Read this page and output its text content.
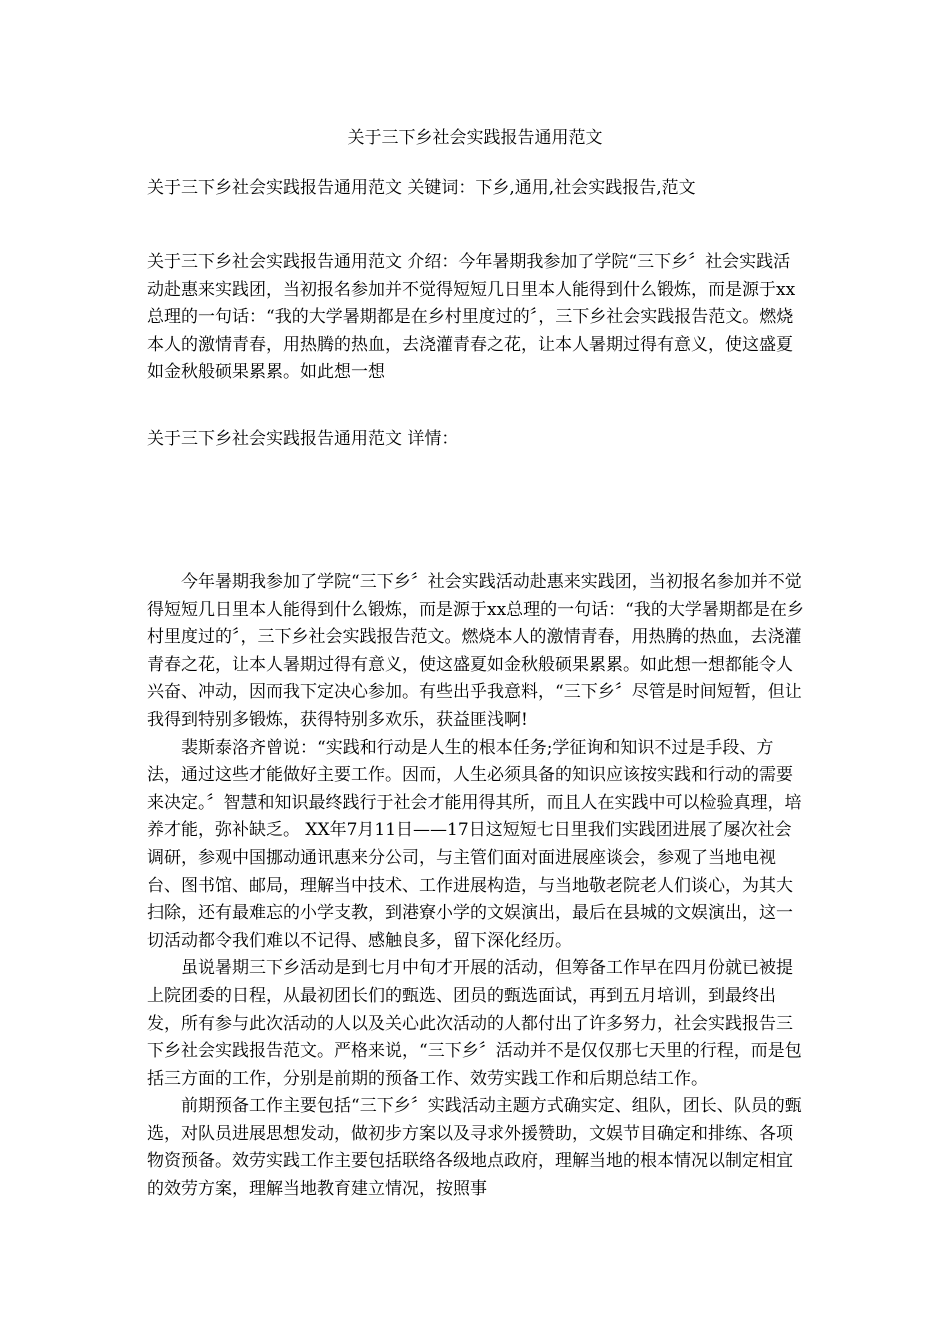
关于三下乡社会实践报告通用范文

关于三下乡社会实践报告通用范文 关键词：下乡,通用,社会实践报告,范文

关于三下乡社会实践报告通用范文 介绍：今年暑期我参加了学院“三下乡〞社会实践活动赴惠来实践团，当初报名参加并不觉得短短几日里本人能得到什么锻炼，而是源于xx总理的一句话：“我的大学暑期都是在乡村里度过的〞，三下乡社会实践报告范文。燃烧本人的激情青春，用热腾的热血，去浇灌青春之花，让本人暑期过得有意义，使这盛夏如金秋般硕果累累。如此想一想

关于三下乡社会实践报告通用范文 详情：

今年暑期我参加了学院“三下乡〞社会实践活动赴惠来实践团，当初报名参加并不觉得短短几日里本人能得到什么锻炼，而是源于xx总理的一句话：“我的大学暑期都是在乡村里度过的〞，三下乡社会实践报告范文。燃烧本人的激情青春，用热腾的热血，去浇灌青春之花，让本人暑期过得有意义，使这盛夏如金秋般硕果累累。如此想一想都能令人兴奋、冲动，因而我下定决心参加。有些出乎我意料，“三下乡〞尽管是时间短暂，但让我得到特别多锻炼，获得特别多欢乐，获益匪浅啊!

裴斯泰洛齐曾说：“实践和行动是人生的根本任务;学征询和知识不过是手段、方法，通过这些才能做好主要工作。因而，人生必须具备的知识应该按实践和行动的需要来决定。〞智慧和知识最终践行于社会才能用得其所，而且人在实践中可以检验真理，培养才能，弥补缺乏。 XX年7月11日——17日这短短七日里我们实践团进展了屡次社会调研，参观中国挪动通讯惠来分公司，与主管们面对面进展座谈会，参观了当地电视台、图书馆、邮局，理解当中技术、工作进展构造，与当地敬老院老人们谈心，为其大扫除，还有最难忘的小学支教，到港寮小学的文娱演出，最后在县城的文娱演出，这一切活动都令我们难以不记得、感触良多，留下深化经历。

虽说暑期三下乡活动是到七月中旬才开展的活动，但筹备工作早在四月份就已被提上院团委的日程，从最初团长们的甄选、团员的甄选面试，再到五月培训，到最终出发，所有参与此次活动的人以及关心此次活动的人都付出了许多努力，社会实践报告三下乡社会实践报告范文。严格来说，“三下乡〞活动并不是仅仅那七天里的行程，而是包括三方面的工作，分别是前期的预备工作、效劳实践工作和后期总结工作。

前期预备工作主要包括“三下乡〞实践活动主题方式确实定、组队，团长、队员的甄选，对队员进展思想发动，做初步方案以及寻求外援赞助，文娱节目确定和排练、各项物资预备。效劳实践工作主要包括联络各级地点政府，理解当地的根本情况以制定相宜的效劳方案，理解当地教育建立情况，按照事
